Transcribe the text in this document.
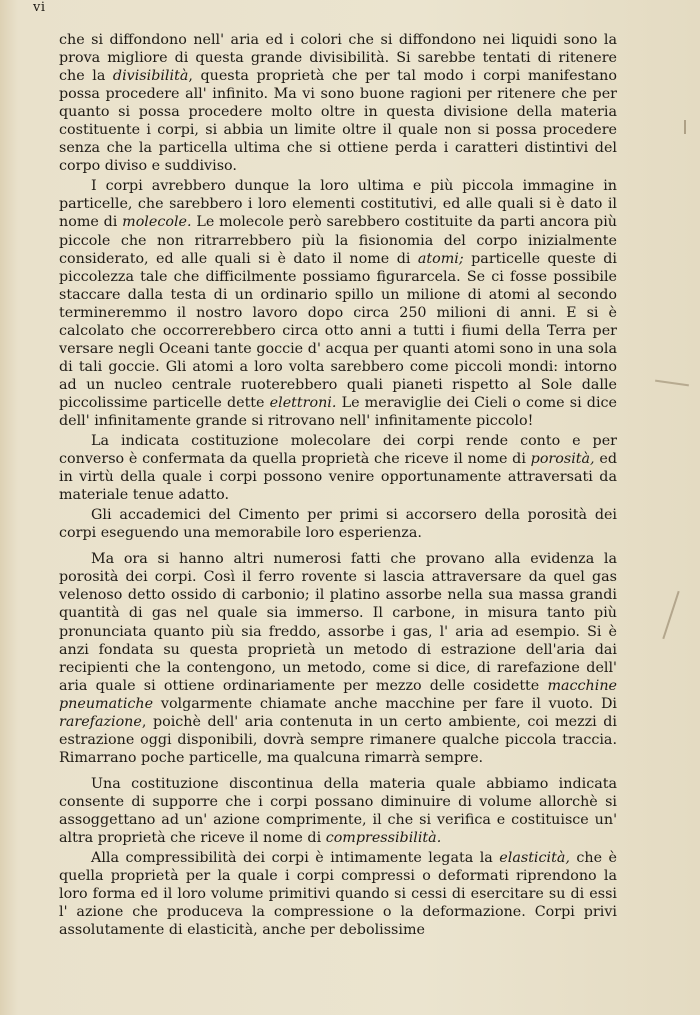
vi

che si diffondono nell' aria ed i colori che si diffondono nei liquidi sono la prova migliore di questa grande divisibilità. Si sarebbe tentati di ritenere che la divisibilità, questa proprietà che per tal modo i corpi manifestano possa procedere all' infinito. Ma vi sono buone ragioni per ritenere che per quanto si possa procedere molto oltre in questa divisione della materia costituente i corpi, si abbia un limite oltre il quale non si possa procedere senza che la particella ultima che si ottiene perda i caratteri distintivi del corpo diviso e suddiviso.

I corpi avrebbero dunque la loro ultima e più piccola immagine in particelle, che sarebbero i loro elementi costitutivi, ed alle quali si è dato il nome di molecole. Le molecole però sarebbero costituite da parti ancora più piccole che non ritrarrebbero più la fisionomia del corpo inizialmente considerato, ed alle quali si è dato il nome di atomi; particelle queste di piccolezza tale che difficilmente possiamo figurarcela. Se ci fosse possibile staccare dalla testa di un ordinario spillo un milione di atomi al secondo termineremmo il nostro lavoro dopo circa 250 milioni di anni. E si è calcolato che occorrerebbero circa otto anni a tutti i fiumi della Terra per versare negli Oceani tante goccie d' acqua per quanti atomi sono in una sola di tali goccie. Gli atomi a loro volta sarebbero come piccoli mondi: intorno ad un nucleo centrale ruoterebbero quali pianeti rispetto al Sole dalle piccolissime particelle dette elettroni. Le meraviglie dei Cieli o come si dice dell' infinitamente grande si ritrovano nell' infinitamente piccolo!

La indicata costituzione molecolare dei corpi rende conto e per converso è confermata da quella proprietà che riceve il nome di porosità, ed in virtù della quale i corpi possono venire opportunamente attraversati da materiale tenue adatto.

Gli accademici del Cimento per primi si accorsero della porosità dei corpi eseguendo una memorabile loro esperienza.

Ma ora si hanno altri numerosi fatti che provano alla evidenza la porosità dei corpi. Così il ferro rovente si lascia attraversare da quel gas velenoso detto ossido di carbonio; il platino assorbe nella sua massa grandi quantità di gas nel quale sia immerso. Il carbone, in misura tanto più pronunciata quanto più sia freddo, assorbe i gas, l' aria ad esempio. Si è anzi fondata su questa proprietà un metodo di estrazione dell'aria dai recipienti che la contengono, un metodo, come si dice, di rarefazione dell' aria quale si ottiene ordinariamente per mezzo delle cosidette macchine pneumatiche volgarmente chiamate anche macchine per fare il vuoto. Di rarefazione, poichè dell' aria contenuta in un certo ambiente, coi mezzi di estrazione oggi disponibili, dovrà sempre rimanere qualche piccola traccia. Rimarrano poche particelle, ma qualcuna rimarrà sempre.

Una costituzione discontinua della materia quale abbiamo indicata consente di supporre che i corpi possano diminuire di volume allorchè si assoggettano ad un' azione comprimente, il che si verifica e costituisce un' altra proprietà che riceve il nome di compressibilità.

Alla compressibilità dei corpi è intimamente legata la elasticità, che è quella proprietà per la quale i corpi compressi o deformati riprendono la loro forma ed il loro volume primitivi quando si cessi di esercitare su di essi l' azione che produceva la compressione o la deformazione. Corpi privi assolutamente di elasticità, anche per debolissime
